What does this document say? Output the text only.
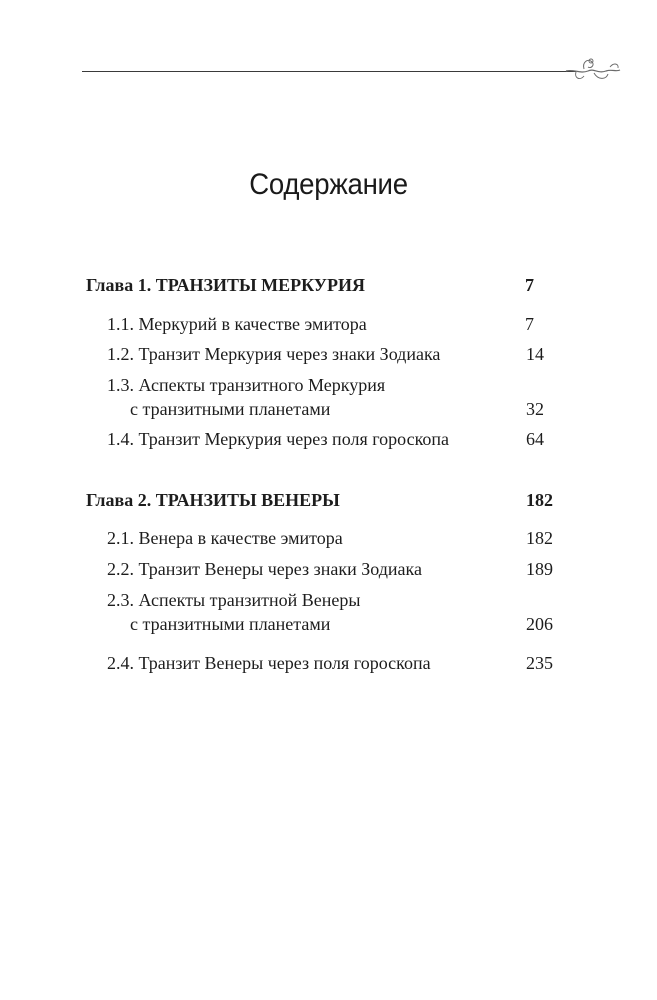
Содержание
Глава 1. ТРАНЗИТЫ МЕРКУРИЯ	7
1.1. Меркурий в качестве эмитора	7
1.2. Транзит Меркурия через знаки Зодиака	14
1.3. Аспекты транзитного Меркурия
с транзитными планетами	32
1.4. Транзит Меркурия через поля гороскопа	64
Глава 2. ТРАНЗИТЫ ВЕНЕРЫ	182
2.1. Венера в качестве эмитора	182
2.2. Транзит Венеры через знаки Зодиака	189
2.3. Аспекты транзитной Венеры
с транзитными планетами	206
2.4. Транзит Венеры через поля гороскопа	235
